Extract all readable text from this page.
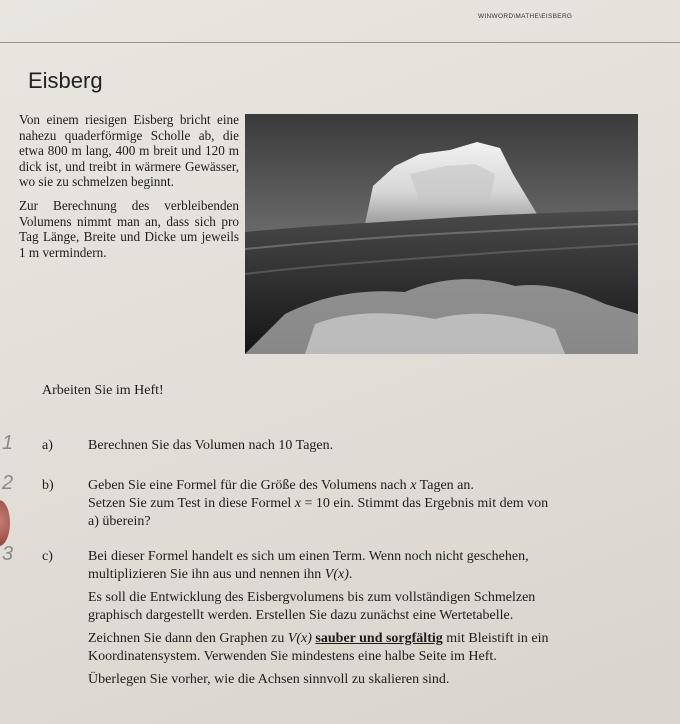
WINWORD\MATHE\EISBERG
Eisberg

Von einem riesigen Eisberg bricht eine nahezu quaderförmige Scholle ab, die etwa 800 m lang, 400 m breit und 120 m dick ist, und treibt in wärmere Gewässer, wo sie zu schmelzen beginnt.

Zur Berechnung des verbleibenden Volumens nimmt man an, dass sich pro Tag Länge, Breite und Dicke um jeweils 1 m vermindern.

Arbeiten Sie im Heft!
1 a)	Berechnen Sie das Volumen nach 10 Tagen.

2 b) Geben Sie eine Formel für die Größe des Volumens nach x Tagen an.
Setzen Sie zum Test in diese Formel x = 10 ein. Stimmt das Ergebnis mit dem von
a) überein?
3 c)	Bei dieser Formel handelt es sich um einen Term. Wenn noch nicht geschehen,
multiplizieren Sie ihn aus und nennen ihn V(x).

Es soll die Entwicklung des Eisbergvolumens bis zum vollständigen Schmelzen
graphisch dargestellt werden. Erstellen Sie dazu zunächst eine Wertetabelle.

Zeichnen Sie dann den Graphen zu V(x) sauber und sorgfältig mit Bleistift in ein
Koordinatensystem. Verwenden Sie mindestens eine halbe Seite im Heft.

Überlegen Sie vorher, wie die Achsen sinnvoll zu skalieren sind.
